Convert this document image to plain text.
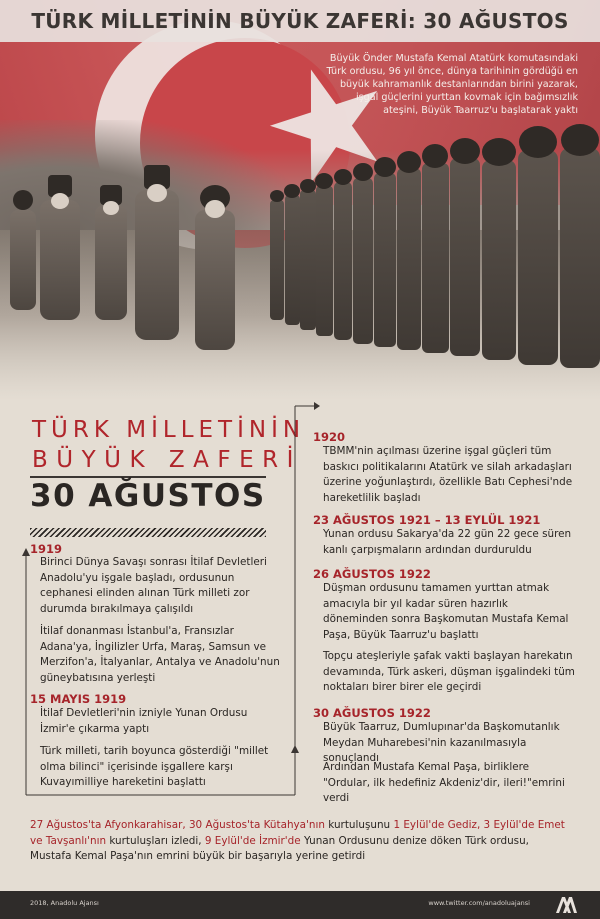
TÜRK MİLLETİNİN BÜYÜK ZAFERİ: 30 AĞUSTOS
Büyük Önder Mustafa Kemal Atatürk komutasındaki Türk ordusu, 96 yıl önce, dünya tarihinin gördüğü en büyük kahramanlık destanlarından birini yazarak, işgal güçlerini yurttan kovmak için bağımsızlık ateşini, Büyük Taarruz'u başlatarak yaktı
TÜRK MİLLETİNİN
BÜYÜK ZAFERİ
30 AĞUSTOS
1919
Birinci Dünya Savaşı sonrası İtilaf Devletleri Anadolu'yu işgale başladı, ordusunun cephanesi elinden alınan Türk milleti zor durumda bırakılmaya çalışıldı
İtilaf donanması İstanbul'a, Fransızlar Adana'ya, İngilizler Urfa, Maraş, Samsun ve Merzifon'a, İtalyanlar, Antalya ve Anadolu'nun güneybatısına yerleşti
15 MAYIS 1919
İtilaf Devletleri'nin izniyle Yunan Ordusu İzmir'e çıkarma yaptı
Türk milleti, tarih boyunca gösterdiği "millet olma bilinci" içerisinde işgallere karşı Kuvayımilliye hareketini başlattı
1920
TBMM'nin açılması üzerine işgal güçleri tüm baskıcı politikalarını Atatürk ve silah arkadaşları üzerine yoğunlaştırdı, özellikle Batı Cephesi'nde hareketlilik başladı
23 AĞUSTOS 1921 – 13 EYLÜL 1921
Yunan ordusu Sakarya'da 22 gün 22 gece süren kanlı çarpışmaların ardından durduruldu
26 AĞUSTOS 1922
Düşman ordusunu tamamen yurttan atmak amacıyla bir yıl kadar süren hazırlık döneminden sonra Başkomutan Mustafa Kemal Paşa, Büyük Taarruz'u başlattı
Topçu ateşleriyle şafak vakti başlayan harekatın devamında, Türk askeri, düşman işgalindeki tüm noktaları birer birer ele geçirdi
30 AĞUSTOS 1922
Büyük Taarruz, Dumlupınar'da Başkomutanlık Meydan Muharebesi'nin kazanılmasıyla sonuçlandı
Ardından Mustafa Kemal Paşa, birliklere "Ordular, ilk hedefiniz Akdeniz'dir, ileri!"emrini verdi

27 Ağustos'ta Afyonkarahisar, 30 Ağustos'ta Kütahya'nın kurtuluşunu 1 Eylül'de Gediz, 3 Eylül'de Emet ve Tavşanlı'nın kurtuluşları izledi, 9 Eylül'de İzmir'de Yunan Ordusunu denize döken Türk ordusu, Mustafa Kemal Paşa'nın emrini büyük bir başarıyla yerine getirdi

2018, Anadolu Ajansı	www.twitter.com/anadoluajansi
AA
